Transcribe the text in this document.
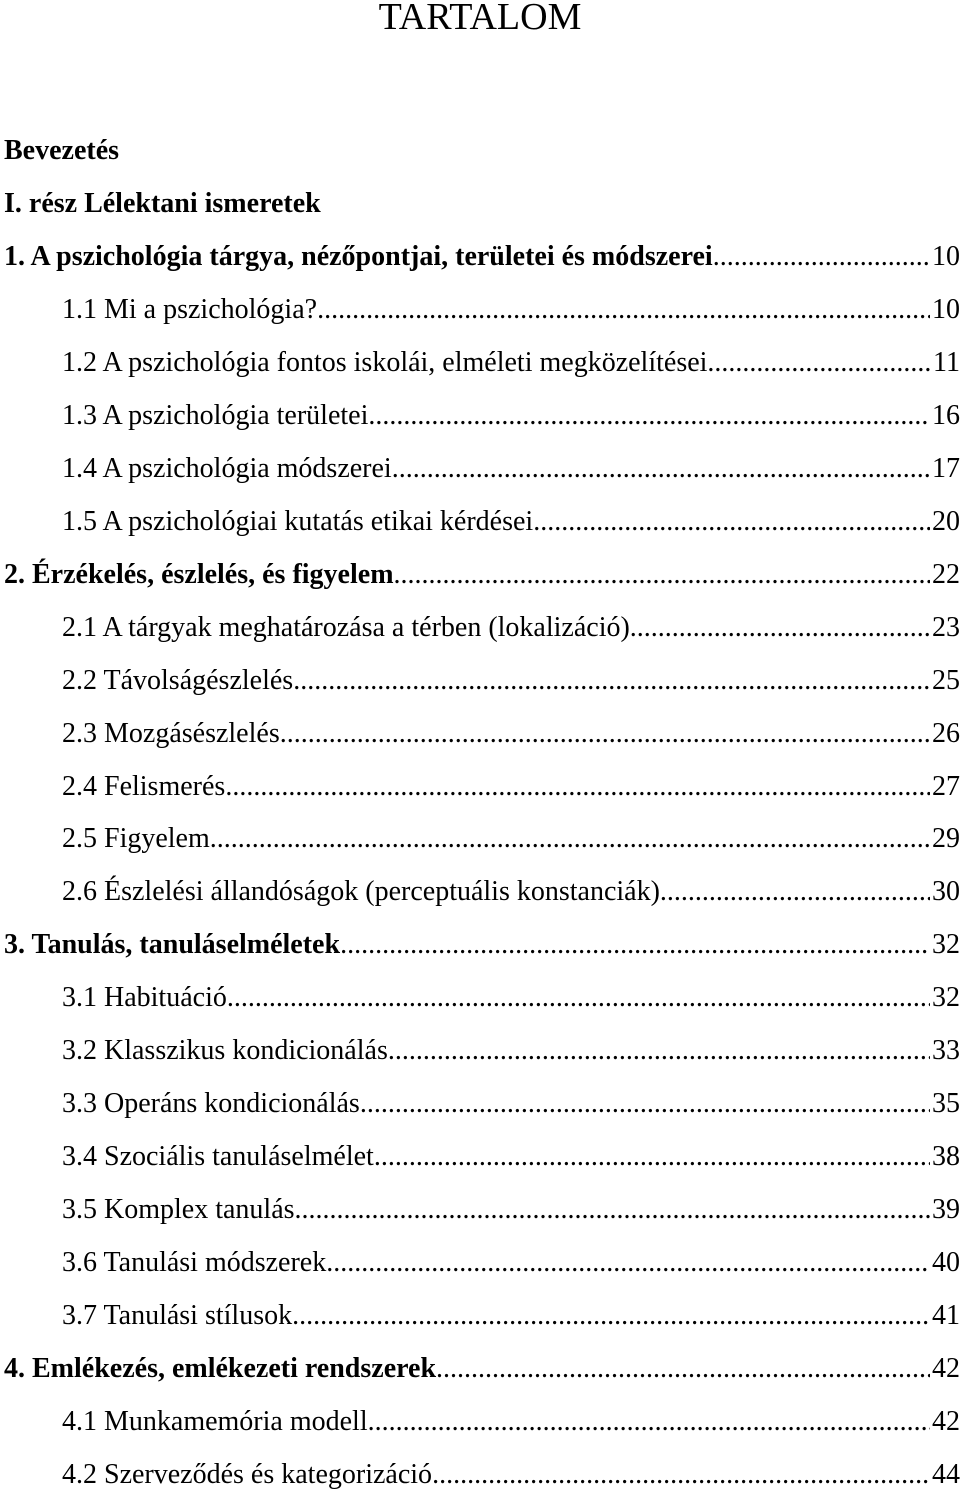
TARTALOM
Bevezetés
I. rész Lélektani ismeretek
1. A pszichológia tárgya, nézőpontjai, területei és módszerei .....	10
1.1 Mi a pszichológia? .....	10
1.2 A pszichológia fontos iskolái, elméleti megközelítései .....	11
1.3 A pszichológia területei .....	16
1.4 A pszichológia módszerei .....	17
1.5 A pszichológiai kutatás etikai kérdései .....	20
2. Érzékelés, észlelés, és figyelem .....	22
2.1 A tárgyak meghatározása a térben (lokalizáció) .....	23
2.2 Távolságészlelés .....	25
2.3 Mozgásészlelés .....	26
2.4 Felismerés .....	27
2.5 Figyelem .....	29
2.6 Észlelési állandóságok (perceptuális konstanciák) .....	30
3. Tanulás, tanuláselméletek .....	32
3.1 Habituáció .....	32
3.2 Klasszikus kondicionálás .....	33
3.3 Operáns kondicionálás .....	35
3.4 Szociális tanuláselmélet .....	38
3.5 Komplex tanulás .....	39
3.6 Tanulási módszerek .....	40
3.7 Tanulási stílusok .....	41
4. Emlékezés, emlékezeti rendszerek .....	42
4.1 Munkamemória modell .....	42
4.2 Szerveződés és kategorizáció .....	44
